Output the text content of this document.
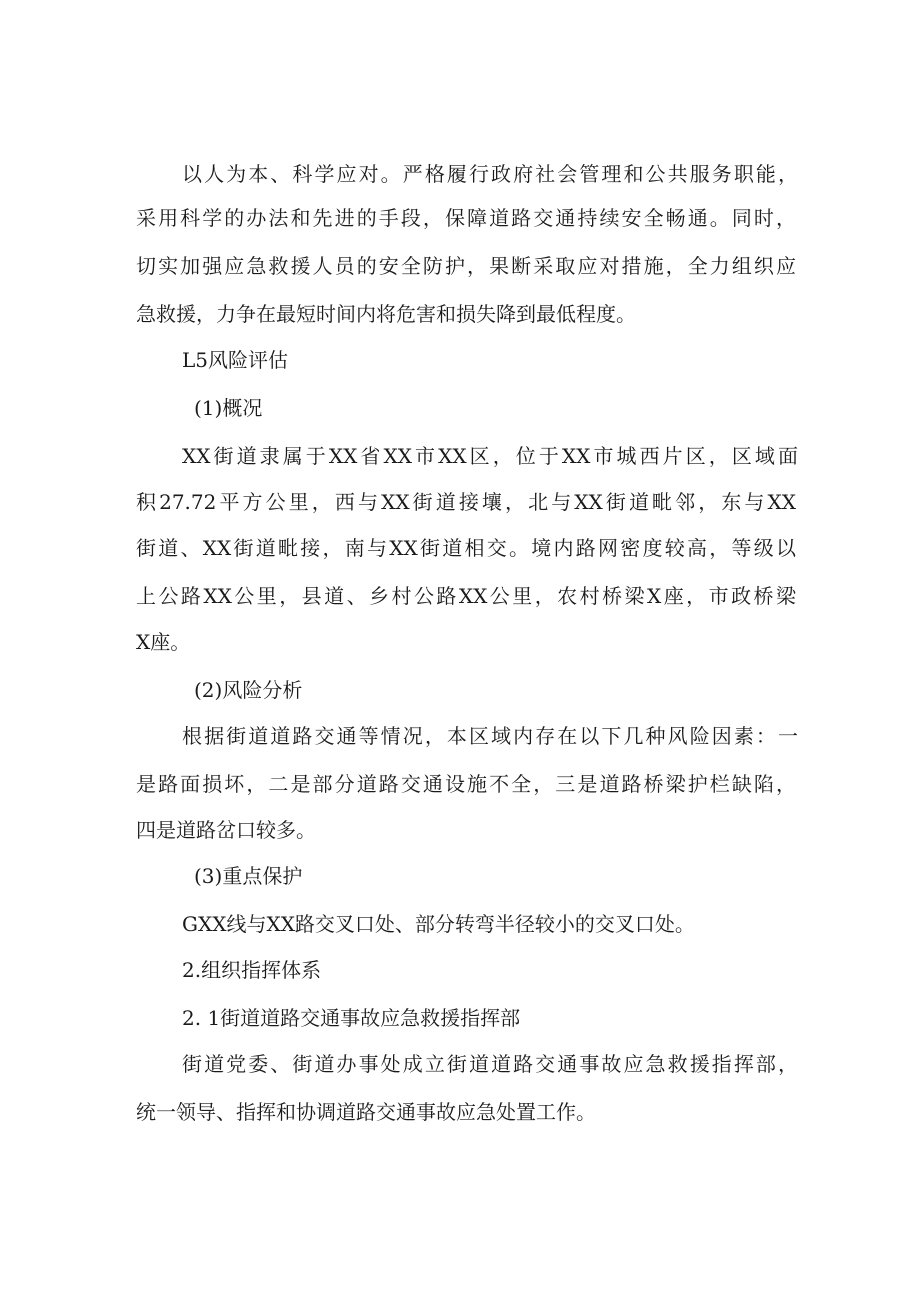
以人为本、科学应对。严格履行政府社会管理和公共服务职能，
采用科学的办法和先进的手段，保障道路交通持续安全畅通。同时，
切实加强应急救援人员的安全防护，果断采取应对措施，全力组织应
急救援，力争在最短时间内将危害和损失降到最低程度。
L5风险评估
(1)概况
XX街道隶属于XX省XX市XX区，位于XX市城西片区，区域面
积27.72平方公里，西与XX街道接壤，北与XX街道毗邻，东与XX
街道、XX街道毗接，南与XX街道相交。境内路网密度较高，等级以
上公路XX公里，县道、乡村公路XX公里，农村桥梁X座，市政桥梁
X座。
(2)风险分析
根据街道道路交通等情况，本区域内存在以下几种风险因素：一
是路面损坏，二是部分道路交通设施不全，三是道路桥梁护栏缺陷，
四是道路岔口较多。
(3)重点保护
GXX线与XX路交叉口处、部分转弯半径较小的交叉口处。
2.组织指挥体系
2. 1街道道路交通事故应急救援指挥部
街道党委、街道办事处成立街道道路交通事故应急救援指挥部，
统一领导、指挥和协调道路交通事故应急处置工作。
